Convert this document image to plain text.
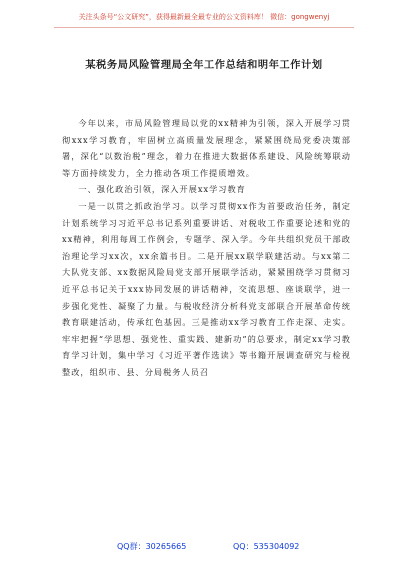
关注头条号“公文研究”，获得最新最全最专业的公文资料库！ 微信：gongwenyj
某税务局风险管理局全年工作总结和明年工作计划

今年以来，市局风险管理局以党的xx精神为引领，深入开展学习贯彻xxx学习教育，牢固树立高质量发展理念，紧紧围绕局党委决策部署，深化“以数治税”理念，着力在推进大数据体系建设、风险统筹联动等方面持续发力，全力推动各项工作提质增效。

一、强化政治引领，深入开展xx学习教育

一是一以贯之抓政治学习。以学习贯彻xx作为首要政治任务，制定计划系统学习习近平总书记系列重要讲话、对税收工作重要论述和党的xx精神，利用每周工作例会，专题学、深入学。今年共组织党员干部政治理论学习xx次，xx余篇书目。二是开展xx联学联建活动。与xx第二大队党支部、xx数据风险局党支部开展联学活动，紧紧围绕学习贯彻习近平总书记关于xxx协同发展的讲话精神，交流思想、座谈联学，进一步强化党性、凝聚了力量。与税收经济分析科党支部联合开展革命传统教育联建活动，传承红色基因。三是推动xx学习教育工作走深、走实。牢牢把握“学思想、强党性、重实践、建新功”的总要求，制定xx学习教育学习计划，集中学习《习近平著作选读》等书籍开展调查研究与检视整改，组织市、县、分局税务人员召

QQ群：30265665	QQ：535304092
